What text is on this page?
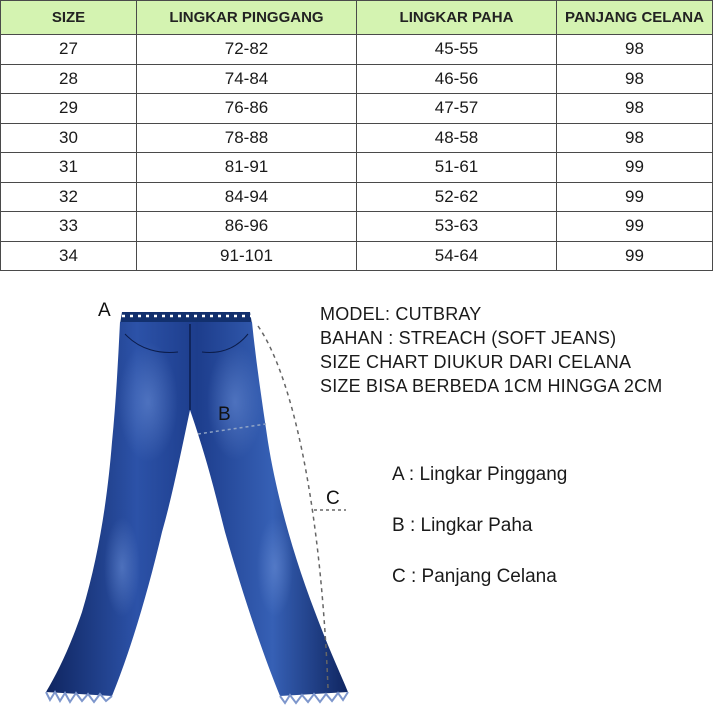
SIZE	LINGKAR PINGGANG	LINGKAR PAHA	PANJANG CELANA
27	72-82	45-55	98
28	74-84	46-56	98
29	76-86	47-57	98
30	78-88	48-58	98
31	81-91	51-61	99
32	84-94	52-62	99
33	86-96	53-63	99
34	91-101	54-64	99
A
B
C
MODEL: CUTBRAY
BAHAN : STREACH (SOFT JEANS)
SIZE CHART DIUKUR DARI CELANA
SIZE BISA BERBEDA 1CM HINGGA 2CM
A : Lingkar Pinggang
B : Lingkar Paha
C : Panjang Celana
